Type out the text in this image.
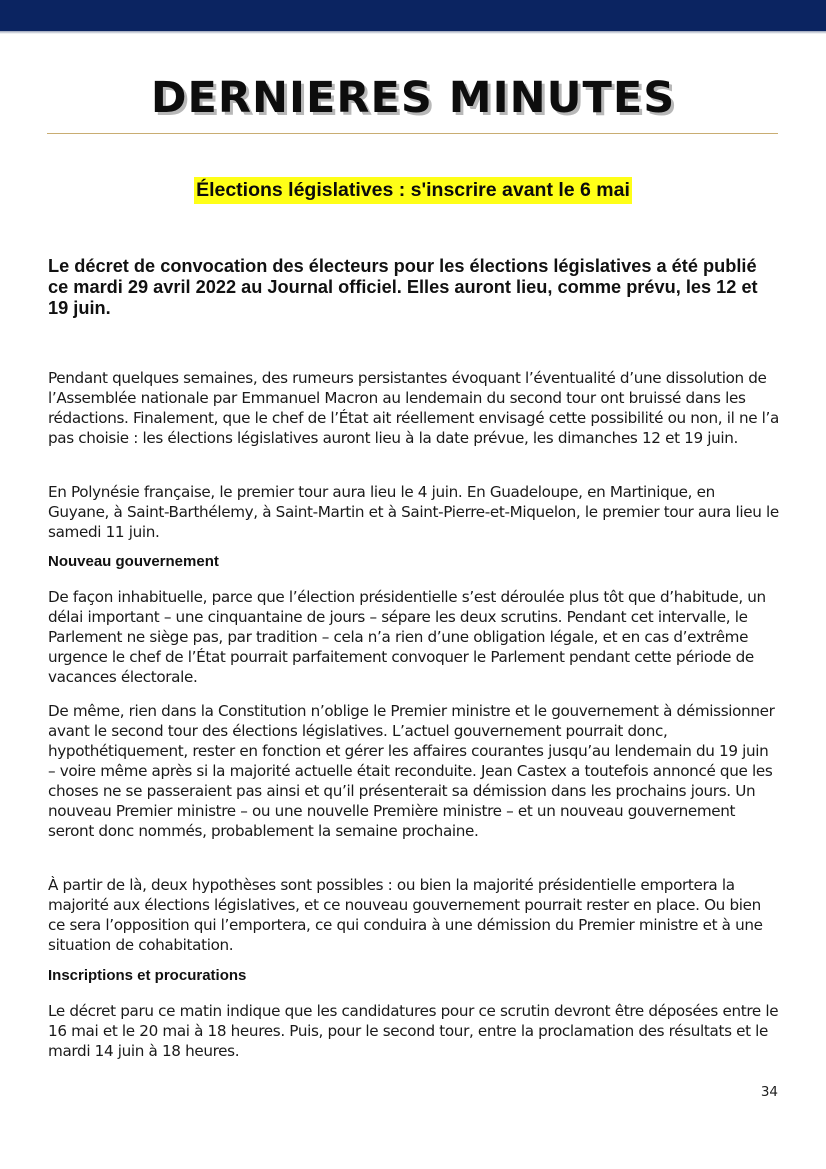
DERNIERES MINUTES
Élections législatives : s'inscrire avant le 6 mai

Le décret de convocation des électeurs pour les élections législatives a été publié ce mardi 29 avril 2022 au Journal officiel. Elles auront lieu, comme prévu, les 12 et 19 juin.

Pendant quelques semaines, des rumeurs persistantes évoquant l’éventualité d’une dissolution de l’Assemblée nationale par Emmanuel Macron au lendemain du second tour ont bruissé dans les rédactions. Finalement, que le chef de l’État ait réellement envisagé cette possibilité ou non, il ne l’a pas choisie : les élections législatives auront lieu à la date prévue, les dimanches 12 et 19 juin.

En Polynésie française, le premier tour aura lieu le 4 juin. En Guadeloupe, en Martinique, en Guyane, à Saint-Barthélemy, à Saint-Martin et à Saint-Pierre-et-Miquelon, le premier tour aura lieu le samedi 11 juin.

Nouveau gouvernement

De façon inhabituelle, parce que l’élection présidentielle s’est déroulée plus tôt que d’habitude, un délai important – une cinquantaine de jours – sépare les deux scrutins. Pendant cet intervalle, le Parlement ne siège pas, par tradition – cela n’a rien d’une obligation légale, et en cas d’extrême urgence le chef de l’État pourrait parfaitement convoquer le Parlement pendant cette période de vacances électorale.

De même, rien dans la Constitution n’oblige le Premier ministre et le gouvernement à démissionner avant le second tour des élections législatives. L’actuel gouvernement pourrait donc, hypothétiquement, rester en fonction et gérer les affaires courantes jusqu’au lendemain du 19 juin – voire même après si la majorité actuelle était reconduite. Jean Castex a toutefois annoncé que les choses ne se passeraient pas ainsi et qu’il présenterait sa démission dans les prochains jours. Un nouveau Premier ministre – ou une nouvelle Première ministre – et un nouveau gouvernement seront donc nommés, probablement la semaine prochaine.

À partir de là, deux hypothèses sont possibles : ou bien la majorité présidentielle emportera la majorité aux élections législatives, et ce nouveau gouvernement pourrait rester en place. Ou bien ce sera l’opposition qui l’emportera, ce qui conduira à une démission du Premier ministre et à une situation de cohabitation.

Inscriptions et procurations

Le décret paru ce matin indique que les candidatures pour ce scrutin devront être déposées entre le 16 mai et le 20 mai à 18 heures. Puis, pour le second tour, entre la proclamation des résultats et le mardi 14 juin à 18 heures.

34
